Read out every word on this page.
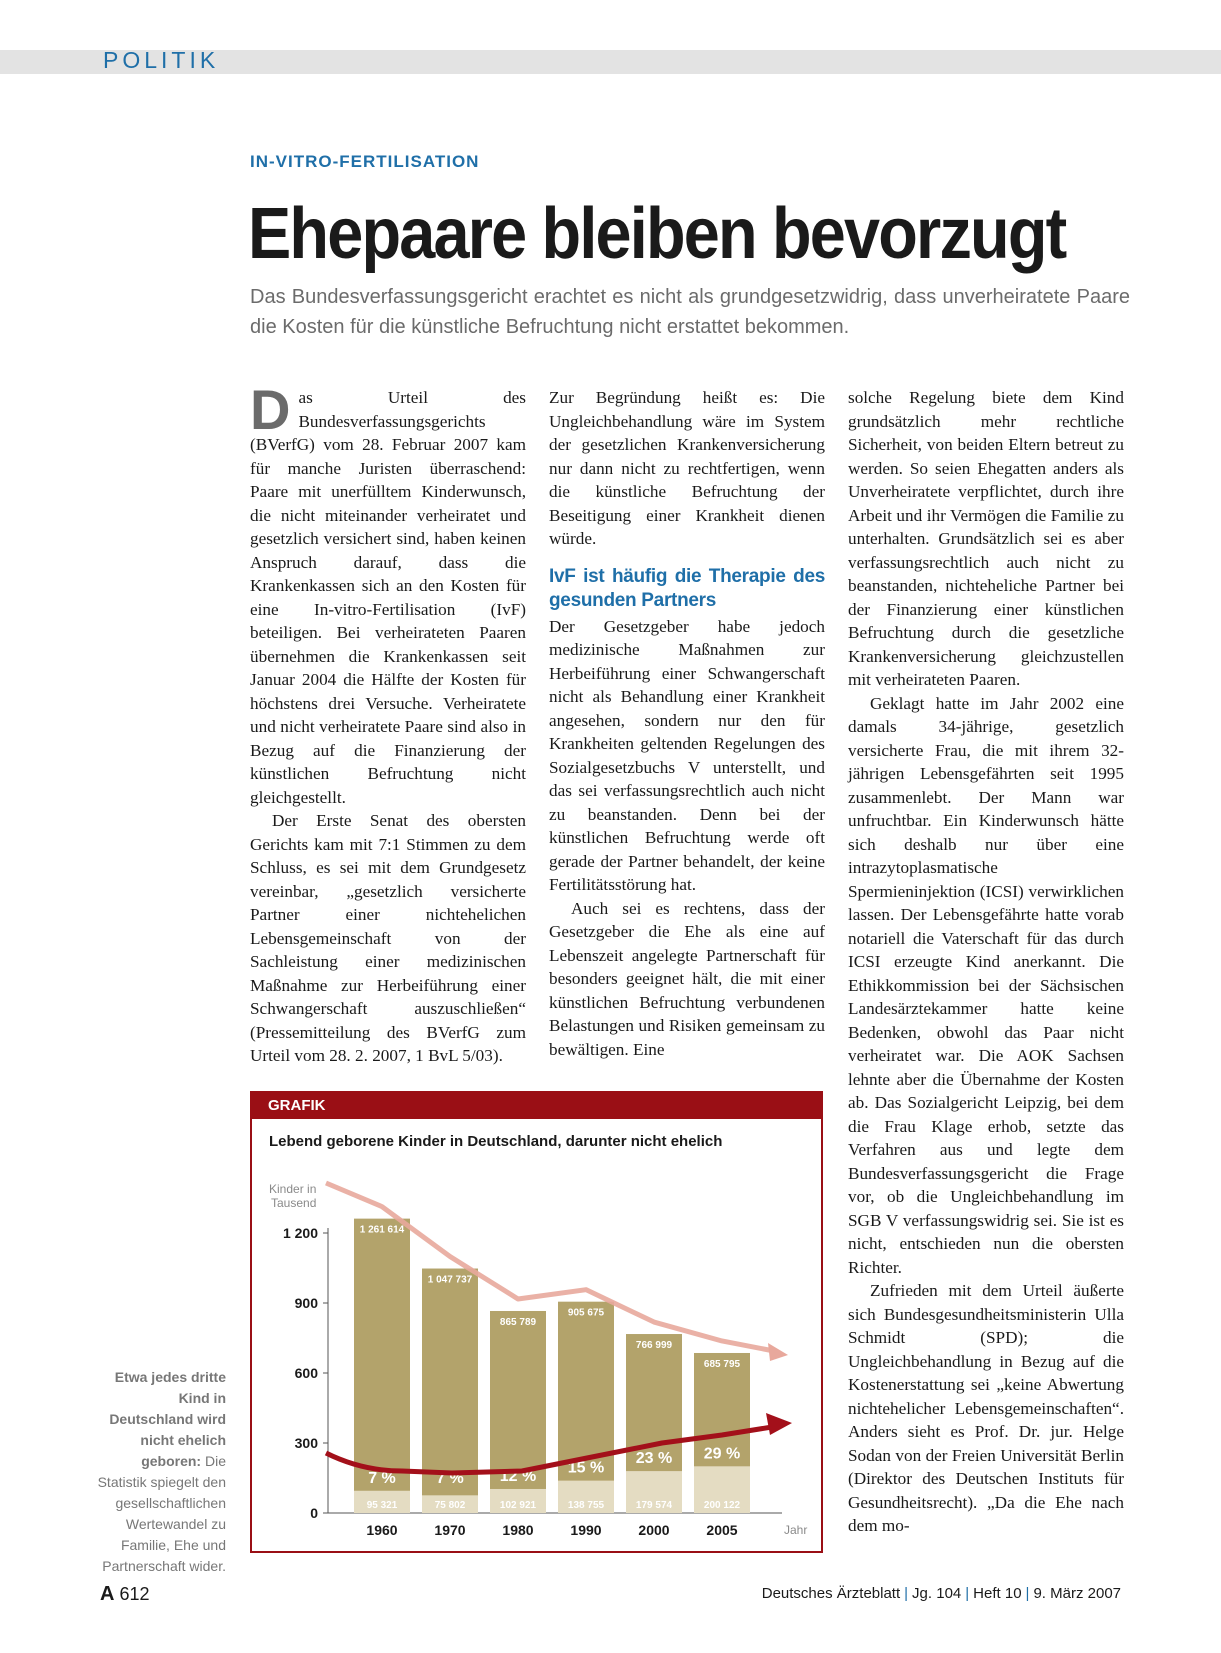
POLITIK
IN-VITRO-FERTILISATION
Ehepaare bleiben bevorzugt
Das Bundesverfassungsgericht erachtet es nicht als grundgesetzwidrig, dass unverheiratete Paare die Kosten für die künstliche Befruchtung nicht erstattet bekommen.

Das Urteil des Bundesverfassungsgerichts (BVerfG) vom 28. Februar 2007 kam für manche Juristen überraschend: Paare mit unerfülltem Kinderwunsch, die nicht miteinander verheiratet und gesetzlich versichert sind, haben keinen Anspruch darauf, dass die Krankenkassen sich an den Kosten für eine In-vitro-Fertilisation (IvF) beteiligen. Bei verheirateten Paaren übernehmen die Krankenkassen seit Januar 2004 die Hälfte der Kosten für höchstens drei Versuche. Verheiratete und nicht verheiratete Paare sind also in Bezug auf die Finanzierung der künstlichen Befruchtung nicht gleichgestellt.

Der Erste Senat des obersten Gerichts kam mit 7:1 Stimmen zu dem Schluss, es sei mit dem Grundgesetz vereinbar, „gesetzlich versicherte Partner einer nichtehelichen Lebensgemeinschaft von der Sachleistung einer medizinischen Maßnahme zur Herbeiführung einer Schwangerschaft auszuschließen“ (Pressemitteilung des BVerfG zum Urteil vom 28. 2. 2007, 1 BvL 5/03).

Zur Begründung heißt es: Die Ungleichbehandlung wäre im System der gesetzlichen Krankenversicherung nur dann nicht zu rechtfertigen, wenn die künstliche Befruchtung der Beseitigung einer Krankheit dienen würde.

IvF ist häufig die Therapie des gesunden Partners

Der Gesetzgeber habe jedoch medizinische Maßnahmen zur Herbeiführung einer Schwangerschaft nicht als Behandlung einer Krankheit angesehen, sondern nur den für Krankheiten geltenden Regelungen des Sozialgesetzbuchs V unterstellt, und das sei verfassungsrechtlich auch nicht zu beanstanden. Denn bei der künstlichen Befruchtung werde oft gerade der Partner behandelt, der keine Fertilitätsstörung hat.

Auch sei es rechtens, dass der Gesetzgeber die Ehe als eine auf Lebenszeit angelegte Partnerschaft für besonders geeignet hält, die mit einer künstlichen Befruchtung verbundenen Belastungen und Risiken gemeinsam zu bewältigen. Eine

solche Regelung biete dem Kind grundsätzlich mehr rechtliche Sicherheit, von beiden Eltern betreut zu werden. So seien Ehegatten anders als Unverheiratete verpflichtet, durch ihre Arbeit und ihr Vermögen die Familie zu unterhalten. Grundsätzlich sei es aber verfassungsrechtlich auch nicht zu beanstanden, nichteheliche Partner bei der Finanzierung einer künstlichen Befruchtung durch die gesetzliche Krankenversicherung gleichzustellen mit verheirateten Paaren.

Geklagt hatte im Jahr 2002 eine damals 34-jährige, gesetzlich versicherte Frau, die mit ihrem 32-jährigen Lebensgefährten seit 1995 zusammenlebt. Der Mann war unfruchtbar. Ein Kinderwunsch hätte sich deshalb nur über eine intrazytoplasmatische Spermieninjektion (ICSI) verwirklichen lassen. Der Lebensgefährte hatte vorab notariell die Vaterschaft für das durch ICSI erzeugte Kind anerkannt. Die Ethikkommission bei der Sächsischen Landesärztekammer hatte keine Bedenken, obwohl das Paar nicht verheiratet war. Die AOK Sachsen lehnte aber die Übernahme der Kosten ab. Das Sozialgericht Leipzig, bei dem die Frau Klage erhob, setzte das Verfahren aus und legte dem Bundesverfassungsgericht die Frage vor, ob die Ungleichbehandlung im SGB V verfassungswidrig sei. Sie ist es nicht, entschieden nun die obersten Richter.

Zufrieden mit dem Urteil äußerte sich Bundesgesundheitsministerin Ulla Schmidt (SPD); die Ungleichbehandlung in Bezug auf die Kostenerstattung sei „keine Abwertung nichtehelicher Lebensgemeinschaften“. Anders sieht es Prof. Dr. jur. Helge Sodan von der Freien Universität Berlin (Direktor des Deutschen Instituts für Gesundheitsrecht). „Da die Ehe nach dem mo-

Etwa jedes dritte Kind in Deutschland wird nicht ehelich geboren: Die Statistik spiegelt den gesellschaftlichen Wertewandel zu Familie, Ehe und Partnerschaft wider.
GRAFIK
Lebend geborene Kinder in Deutschland, darunter nicht ehelich
Kinder in
Tausend
Jahr
0
300
600
900
1 200	1 261 614
95 321
1960
7 %
1 047 737
75 802
1970
7 %
865 789
102 921
1980
12 %
905 675
138 755
1990
15 %
766 999
179 574
2000
23 %
685 795
200 122
2005
29 %
A 612	Deutsches Ärzteblatt | Jg. 104 | Heft 10 | 9. März 2007
